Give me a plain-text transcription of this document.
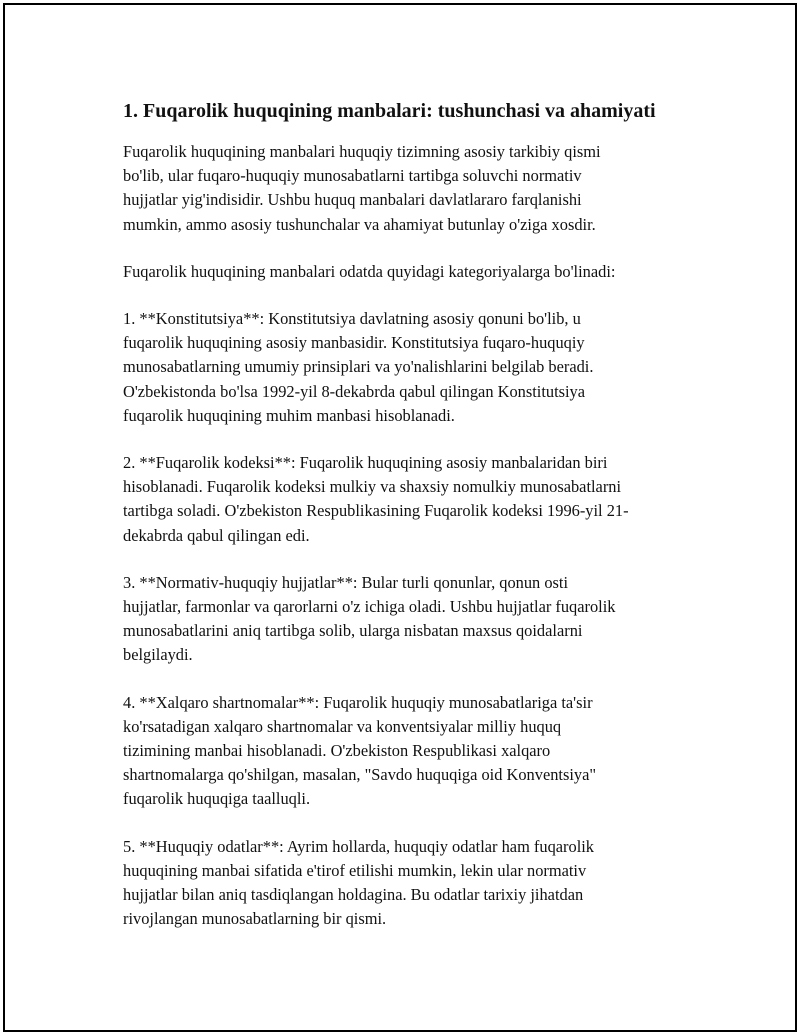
1. Fuqarolik huquqining manbalari: tushunchasi va ahamiyati

Fuqarolik huquqining manbalari huquqiy tizimning asosiy tarkibiy qismi
bo'lib, ular fuqaro-huquqiy munosabatlarni tartibga soluvchi normativ
hujjatlar yig'indisidir. Ushbu huquq manbalari davlatlararo farqlanishi
mumkin, ammo asosiy tushunchalar va ahamiyat butunlay o'ziga xosdir.

Fuqarolik huquqining manbalari odatda quyidagi kategoriyalarga bo'linadi:

1. **Konstitutsiya**: Konstitutsiya davlatning asosiy qonuni bo'lib, u
fuqarolik huquqining asosiy manbasidir. Konstitutsiya fuqaro-huquqiy
munosabatlarning umumiy prinsiplari va yo'nalishlarini belgilab beradi.
O'zbekistonda bo'lsa 1992-yil 8-dekabrda qabul qilingan Konstitutsiya
fuqarolik huquqining muhim manbasi hisoblanadi.

2. **Fuqarolik kodeksi**: Fuqarolik huquqining asosiy manbalaridan biri
hisoblanadi. Fuqarolik kodeksi mulkiy va shaxsiy nomulkiy munosabatlarni
tartibga soladi. O'zbekiston Respublikasining Fuqarolik kodeksi 1996-yil 21-
dekabrda qabul qilingan edi.

3. **Normativ-huquqiy hujjatlar**: Bular turli qonunlar, qonun osti
hujjatlar, farmonlar va qarorlarni o'z ichiga oladi. Ushbu hujjatlar fuqarolik
munosabatlarini aniq tartibga solib, ularga nisbatan maxsus qoidalarni
belgilaydi.

4. **Xalqaro shartnomalar**: Fuqarolik huquqiy munosabatlariga ta'sir
ko'rsatadigan xalqaro shartnomalar va konventsiyalar milliy huquq
tizimining manbai hisoblanadi. O'zbekiston Respublikasi xalqaro
shartnomalarga qo'shilgan, masalan, "Savdo huquqiga oid Konventsiya"
fuqarolik huquqiga taalluqli.

5. **Huquqiy odatlar**: Ayrim hollarda, huquqiy odatlar ham fuqarolik
huquqining manbai sifatida e'tirof etilishi mumkin, lekin ular normativ
hujjatlar bilan aniq tasdiqlangan holdagina. Bu odatlar tarixiy jihatdan
rivojlangan munosabatlarning bir qismi.
